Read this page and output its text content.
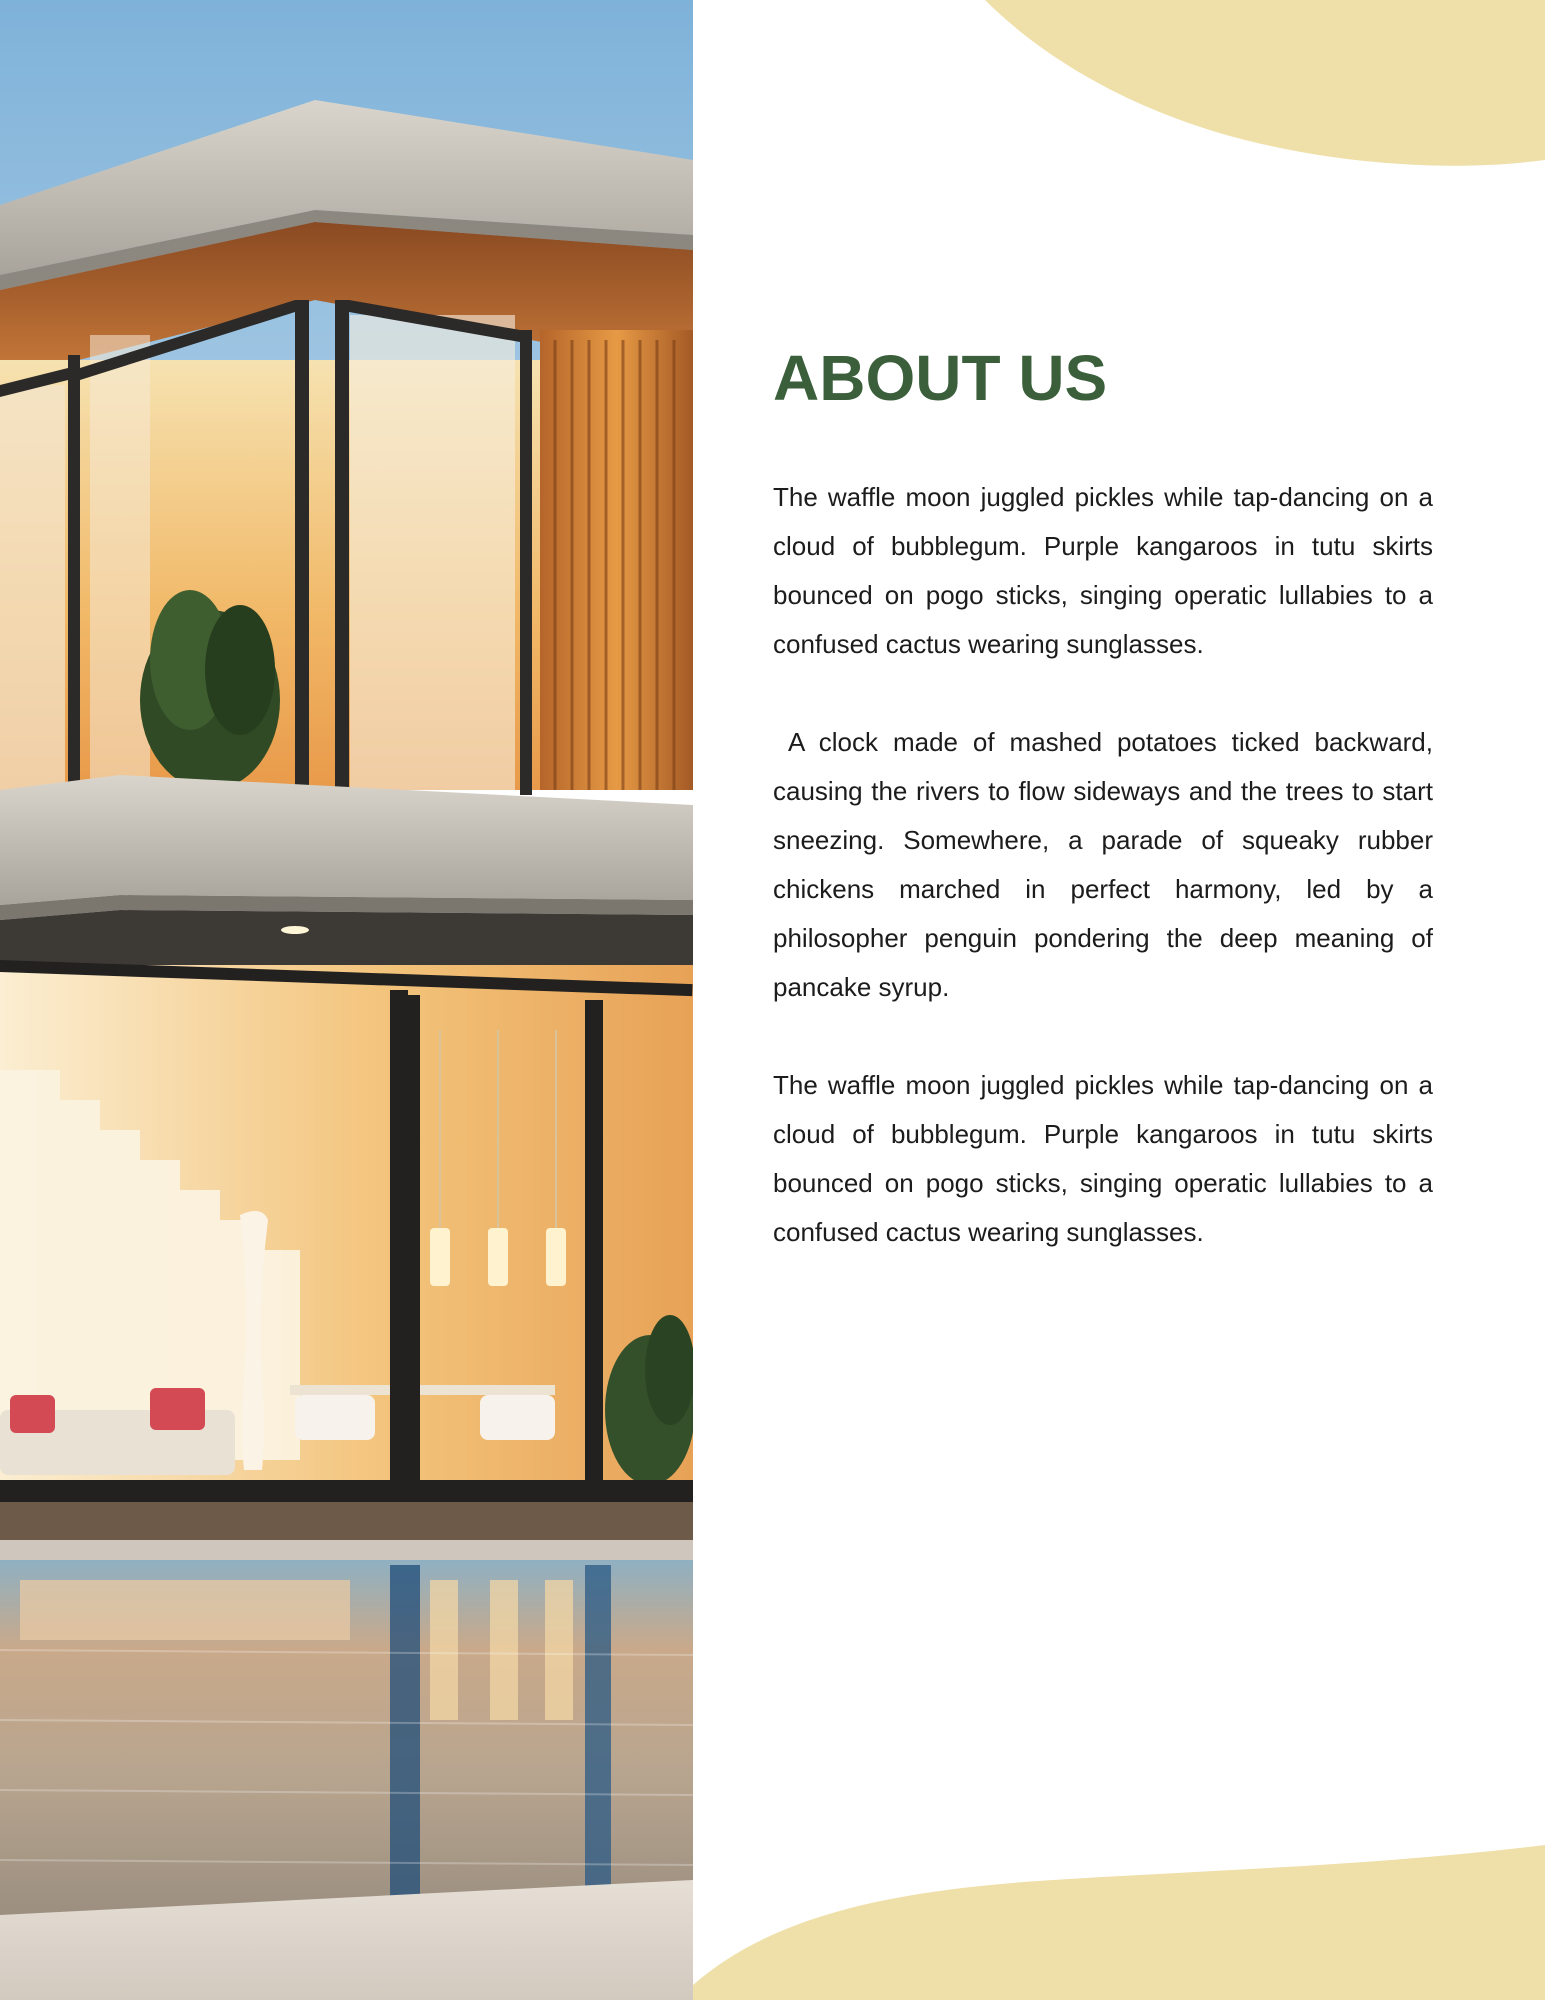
ABOUT US

The waffle moon juggled pickles while tap-dancing on a cloud of bubblegum. Purple kangaroos in tutu skirts bounced on pogo sticks, singing operatic lullabies to a confused cactus wearing sunglasses.

A clock made of mashed potatoes ticked backward, causing the rivers to flow sideways and the trees to start sneezing. Somewhere, a parade of squeaky rubber chickens marched in perfect harmony, led by a philosopher penguin pondering the deep meaning of pancake syrup.

The waffle moon juggled pickles while tap-dancing on a cloud of bubblegum. Purple kangaroos in tutu skirts bounced on pogo sticks, singing operatic lullabies to a confused cactus wearing sunglasses.
